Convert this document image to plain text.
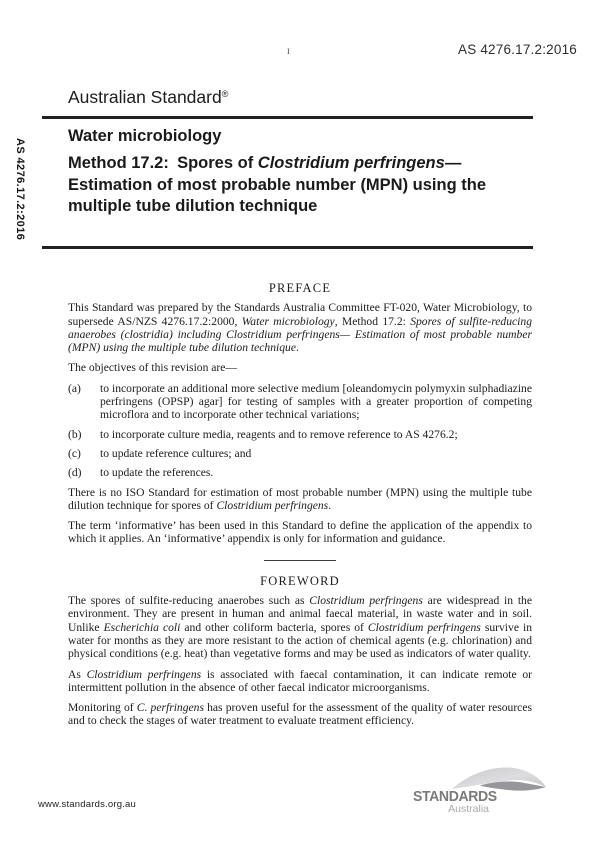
i	AS 4276.17.2:2016
Australian Standard®
AS 4276.17.2:2016
Water microbiology
Method 17.2: Spores of Clostridium perfringens—Estimation of most probable number (MPN) using the multiple tube dilution technique
PREFACE

This Standard was prepared by the Standards Australia Committee FT-020, Water Microbiology, to supersede AS/NZS 4276.17.2:2000, Water microbiology, Method 17.2: Spores of sulfite-reducing anaerobes (clostridia) including Clostridium perfringens— Estimation of most probable number (MPN) using the multiple tube dilution technique.

The objectives of this revision are—

(a)	to incorporate an additional more selective medium [oleandomycin polymyxin sulphadiazine perfringens (OPSP) agar] for testing of samples with a greater proportion of competing microflora and to incorporate other technical variations;
(b)	to incorporate culture media, reagents and to remove reference to AS 4276.2;
(c)	to update reference cultures; and
(d)	to update the references.

There is no ISO Standard for estimation of most probable number (MPN) using the multiple tube dilution technique for spores of Clostridium perfringens.

The term ‘informative’ has been used in this Standard to define the application of the appendix to which it applies. An ‘informative’ appendix is only for information and guidance.

FOREWORD

The spores of sulfite-reducing anaerobes such as Clostridium perfringens are widespread in the environment. They are present in human and animal faecal material, in waste water and in soil. Unlike Escherichia coli and other coliform bacteria, spores of Clostridium perfringens survive in water for months as they are more resistant to the action of chemical agents (e.g. chlorination) and physical conditions (e.g. heat) than vegetative forms and may be used as indicators of water quality.

As Clostridium perfringens is associated with faecal contamination, it can indicate remote or intermittent pollution in the absence of other faecal indicator microorganisms.

Monitoring of C. perfringens has proven useful for the assessment of the quality of water resources and to check the stages of water treatment to evaluate treatment efficiency.

www.standards.org.au	STANDARDS
Australia
